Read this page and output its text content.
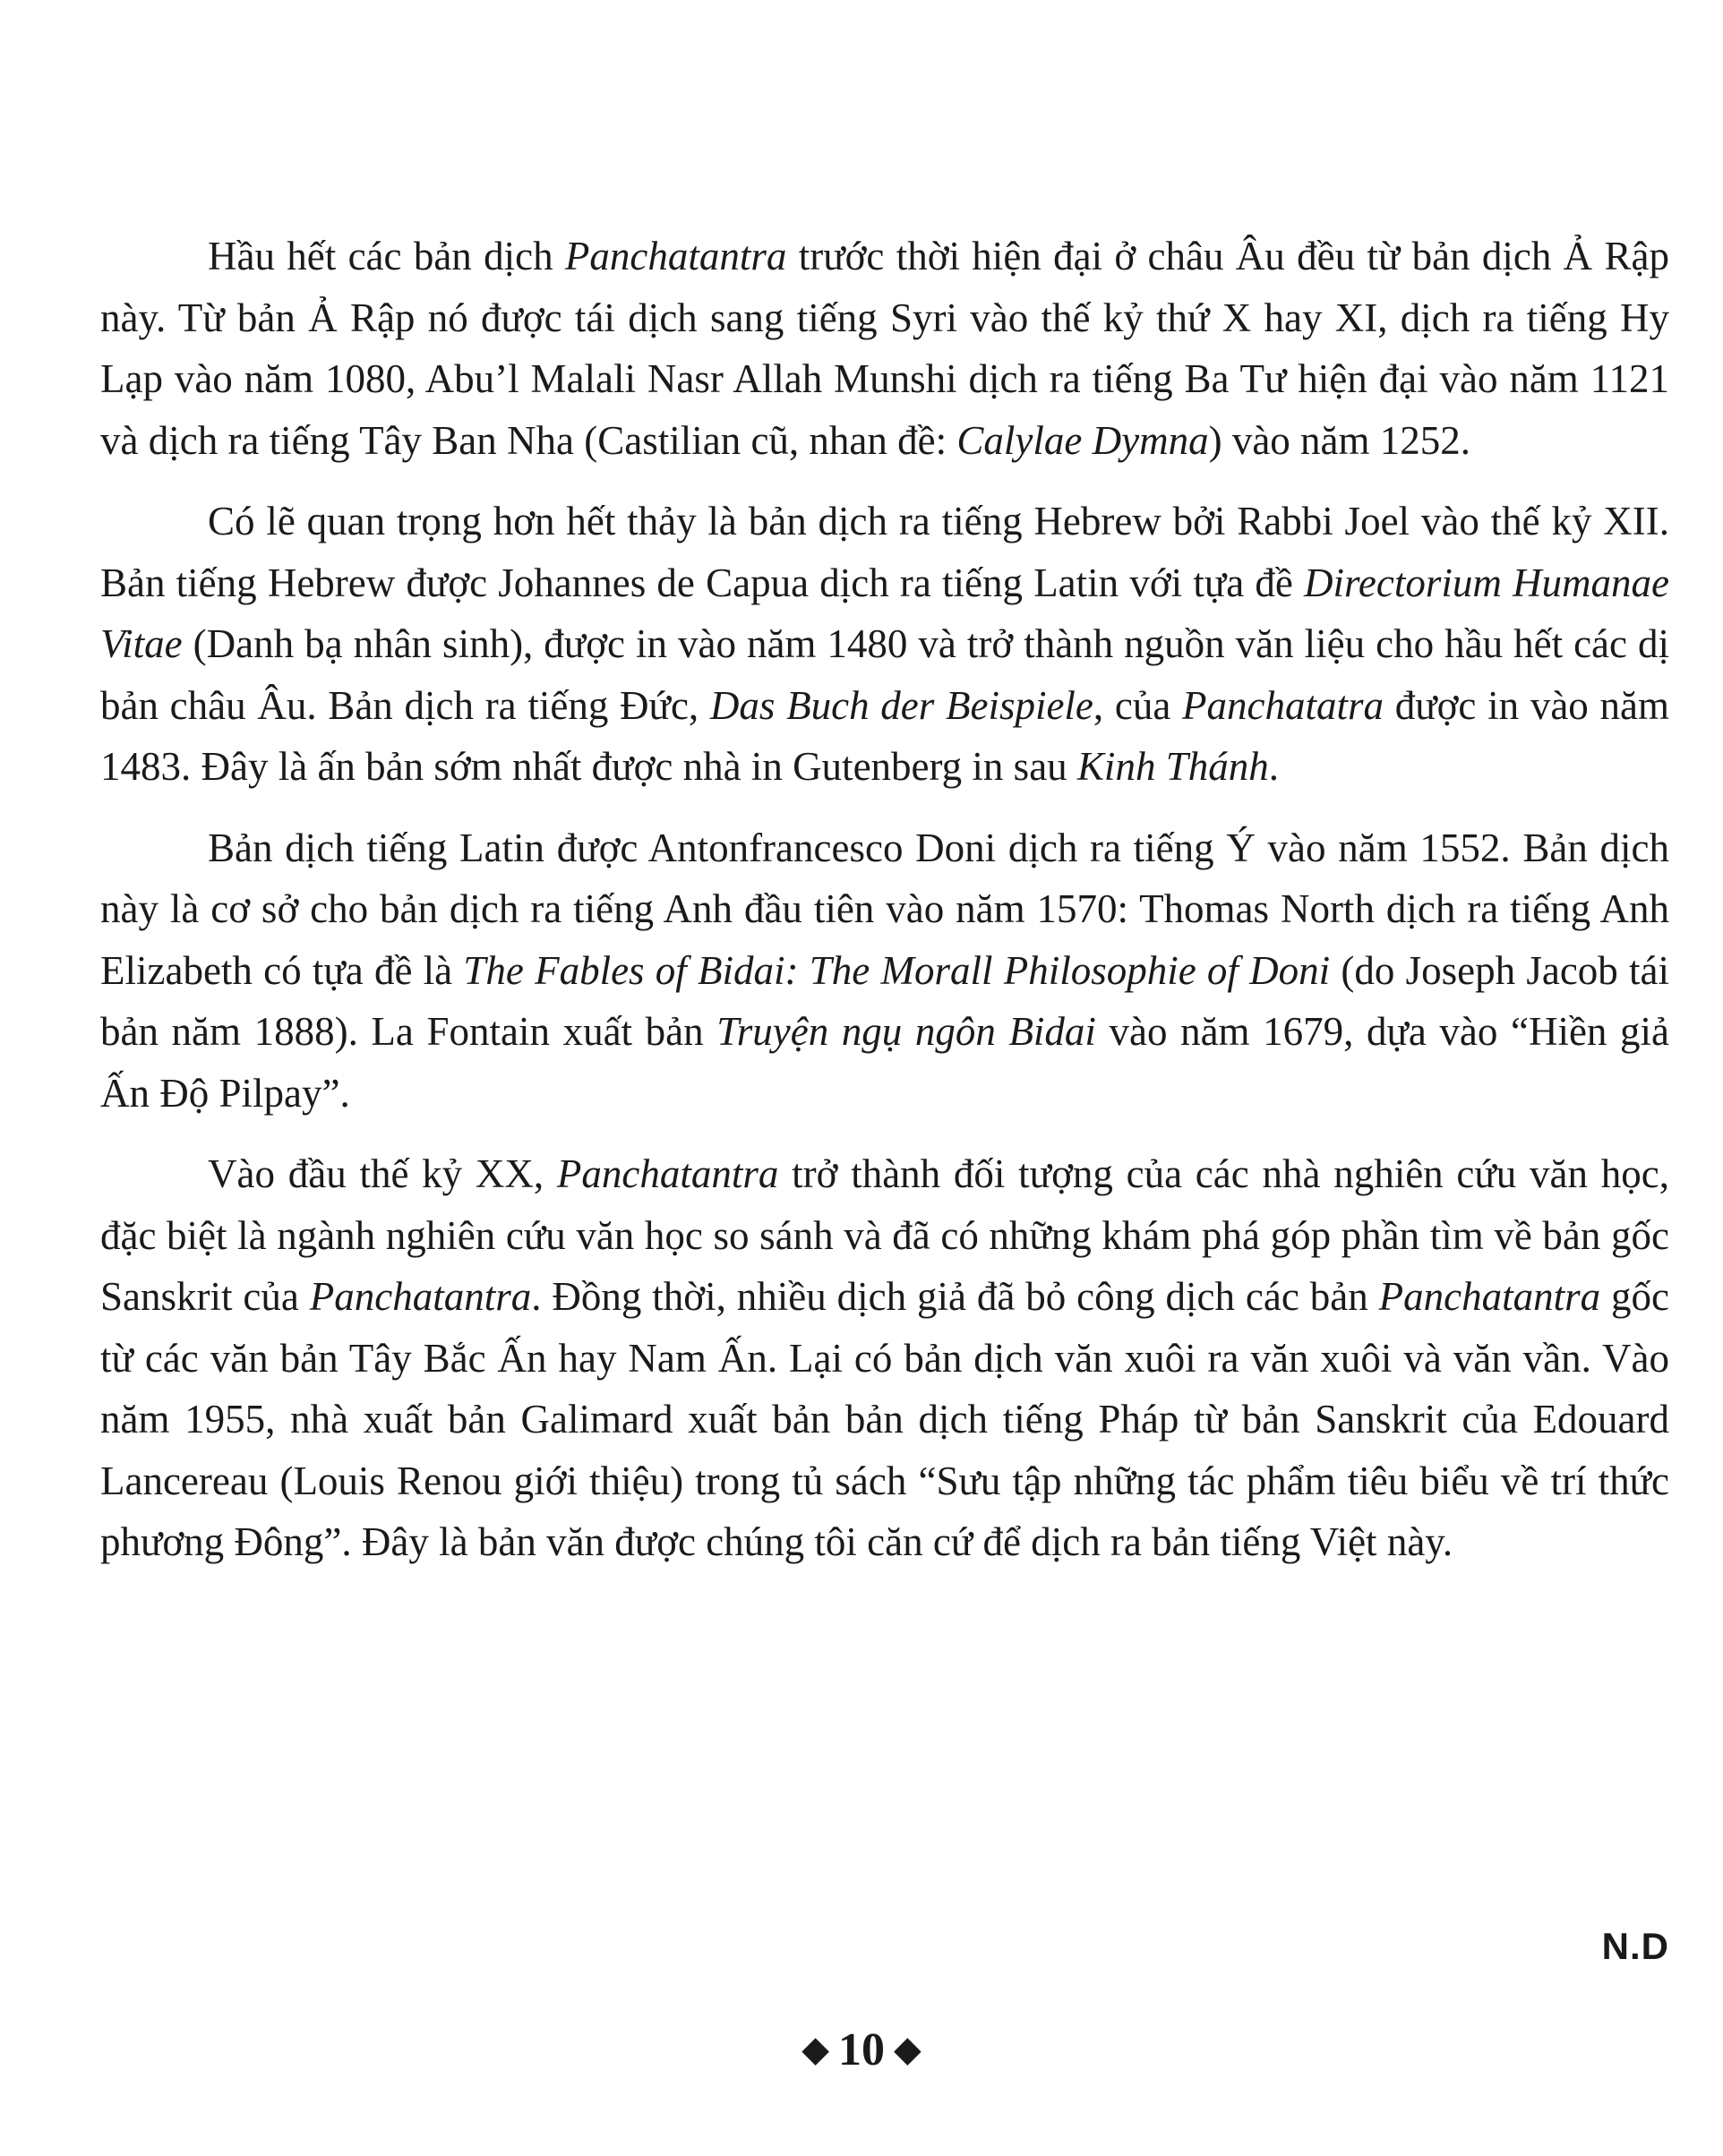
Hầu hết các bản dịch Panchatantra trước thời hiện đại ở châu Âu đều từ bản dịch Ả Rập này. Từ bản Ả Rập nó được tái dịch sang tiếng Syri vào thế kỷ thứ X hay XI, dịch ra tiếng Hy Lạp vào năm 1080, Abu’l Malali Nasr Allah Munshi dịch ra tiếng Ba Tư hiện đại vào năm 1121 và dịch ra tiếng Tây Ban Nha (Castilian cũ, nhan đề: Calylae Dymna) vào năm 1252.

Có lẽ quan trọng hơn hết thảy là bản dịch ra tiếng Hebrew bởi Rabbi Joel vào thế kỷ XII. Bản tiếng Hebrew được Johannes de Capua dịch ra tiếng Latin với tựa đề Directorium Humanae Vitae (Danh bạ nhân sinh), được in vào năm 1480 và trở thành nguồn văn liệu cho hầu hết các dị bản châu Âu. Bản dịch ra tiếng Đức, Das Buch der Beispiele, của Panchatatra được in vào năm 1483. Đây là ấn bản sớm nhất được nhà in Gutenberg in sau Kinh Thánh.

Bản dịch tiếng Latin được Antonfrancesco Doni dịch ra tiếng Ý vào năm 1552. Bản dịch này là cơ sở cho bản dịch ra tiếng Anh đầu tiên vào năm 1570: Thomas North dịch ra tiếng Anh Elizabeth có tựa đề là The Fables of Bidai: The Morall Philosophie of Doni (do Joseph Jacob tái bản năm 1888). La Fontain xuất bản Truyện ngụ ngôn Bidai vào năm 1679, dựa vào “Hiền giả Ấn Độ Pilpay”.

Vào đầu thế kỷ XX, Panchatantra trở thành đối tượng của các nhà nghiên cứu văn học, đặc biệt là ngành nghiên cứu văn học so sánh và đã có những khám phá góp phần tìm về bản gốc Sanskrit của Panchatantra. Đồng thời, nhiều dịch giả đã bỏ công dịch các bản Panchatantra gốc từ các văn bản Tây Bắc Ấn hay Nam Ấn. Lại có bản dịch văn xuôi ra văn xuôi và văn vần. Vào năm 1955, nhà xuất bản Galimard xuất bản bản dịch tiếng Pháp từ bản Sanskrit của Edouard Lancereau (Louis Renou giới thiệu) trong tủ sách “Sưu tập những tác phẩm tiêu biểu về trí thức phương Đông”. Đây là bản văn được chúng tôi căn cứ để dịch ra bản tiếng Việt này.

N.D
◆ 10 ◆
